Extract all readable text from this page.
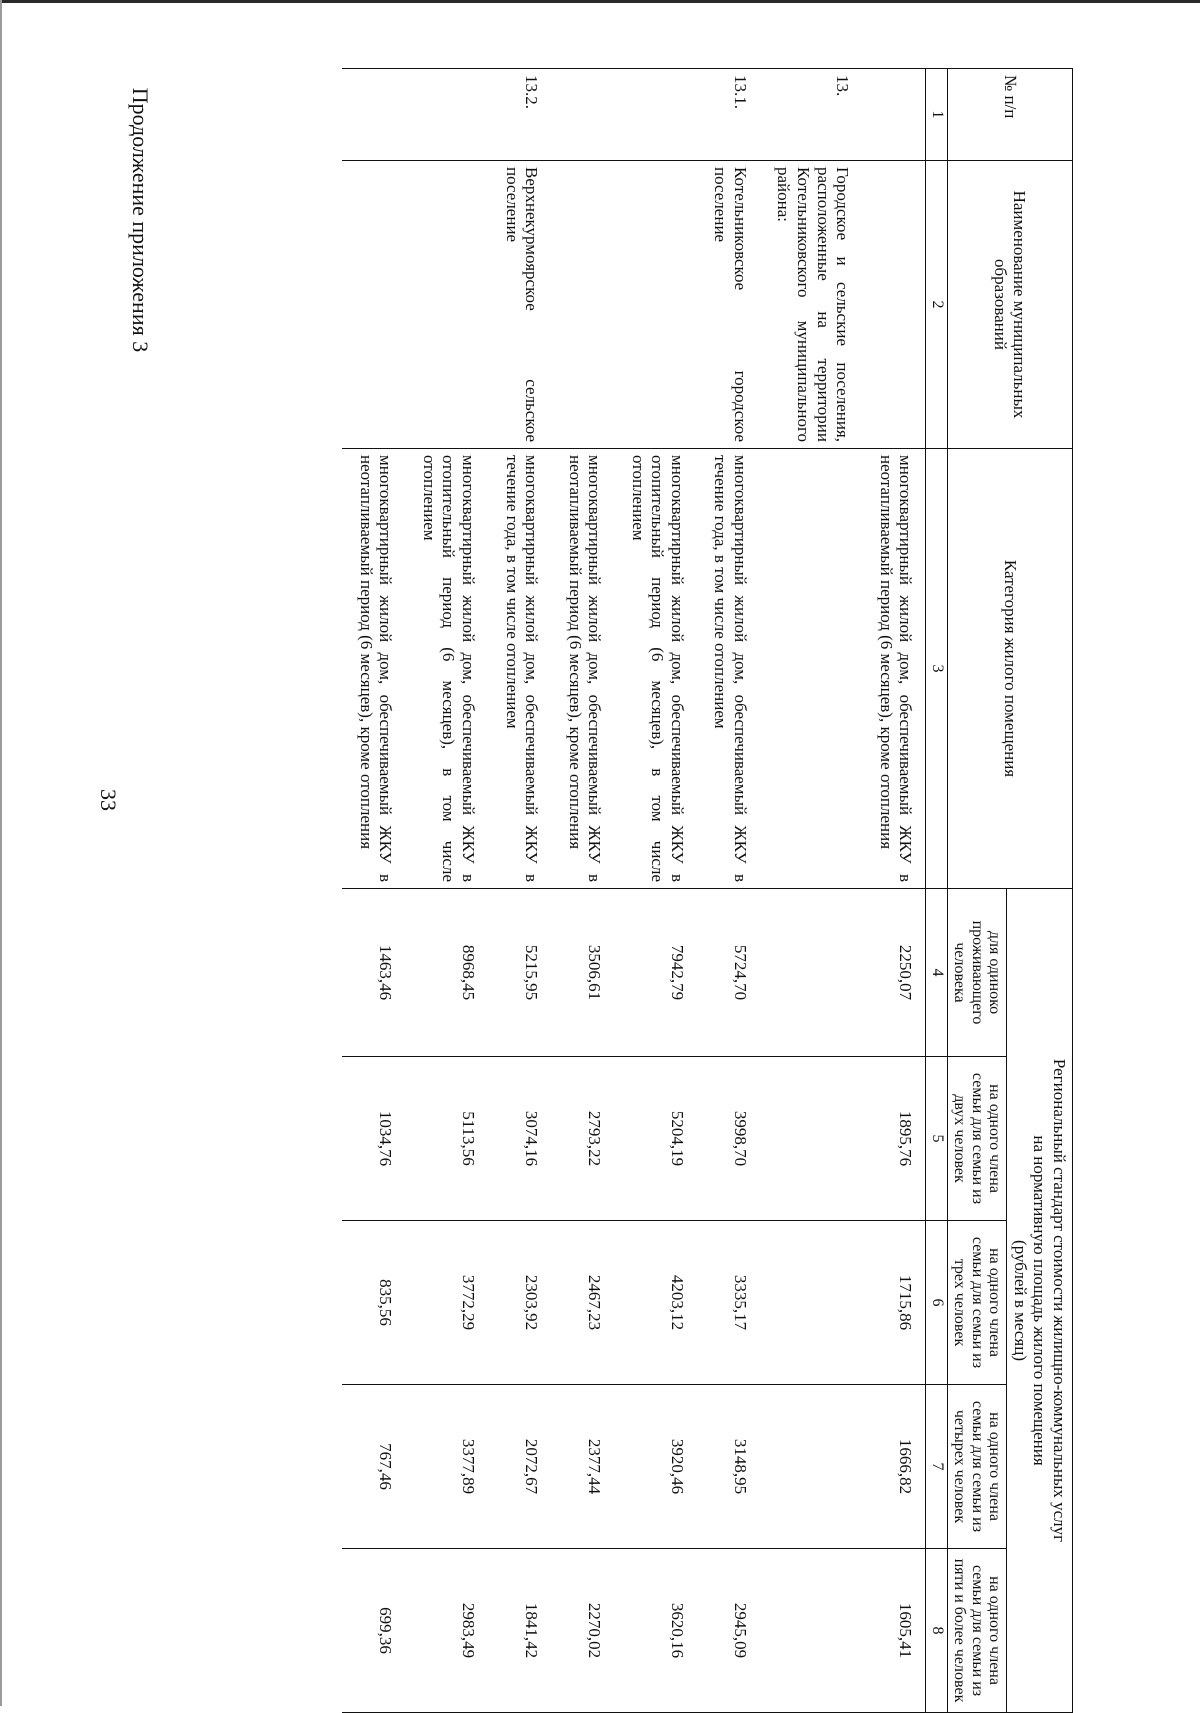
33
Продолжение приложения 3	№ п/п	Наименование муниципальных образований	Категория жилого помещения	Региональный стандарт стоимости жилищно-коммунальных услуг
на нормативную площадь жилого помещения
(рублей в месяц)				

			для одиноко проживающего человека	на одного члена семьи для семьи из двух человек	на одного члена семьи для семьи из трех человек	на одного члена семьи для семьи из четырех человек	на одного члена семьи для семьи из пяти и более человек
1	2	3	4	5	6	7	8
		многоквартирный жилой дом, обеспечиваемый ЖКУ в неотапливаемый период (6 месяцев), кроме отопления	2250,07	1895,76	1715,86	1666,82	1605,41
13.	Городское и сельские поселения, расположенные на территории Котельниковского муниципального района:						
13.1.	Котельниковское городское поселение	многоквартирный жилой дом, обеспечиваемый ЖКУ в течение года, в том числе отоплением	5724,70	3998,70	3335,17	3148,95	2945,09
		многоквартирный жилой дом, обеспечиваемый ЖКУ в отопительный период (6 месяцев), в том числе отоплением	7942,79	5204,19	4203,12	3920,46	3620,16
		многоквартирный жилой дом, обеспечиваемый ЖКУ в неотапливаемый период (6 месяцев), кроме отопления	3506,61	2793,22	2467,23	2377,44	2270,02
13.2.	Верхнекурмоярское сельское поселение	многоквартирный жилой дом, обеспечиваемый ЖКУ в течение года, в том числе отоплением	5215,95	3074,16	2303,92	2072,67	1841,42
		многоквартирный жилой дом, обеспечиваемый ЖКУ в отопительный период (6 месяцев), в том числе отоплением	8968,45	5113,56	3772,29	3377,89	2983,49
		многоквартирный жилой дом, обеспечиваемый ЖКУ в неотапливаемый период (6 месяцев), кроме отопления	1463,46	1034,76	835,56	767,46	699,36
